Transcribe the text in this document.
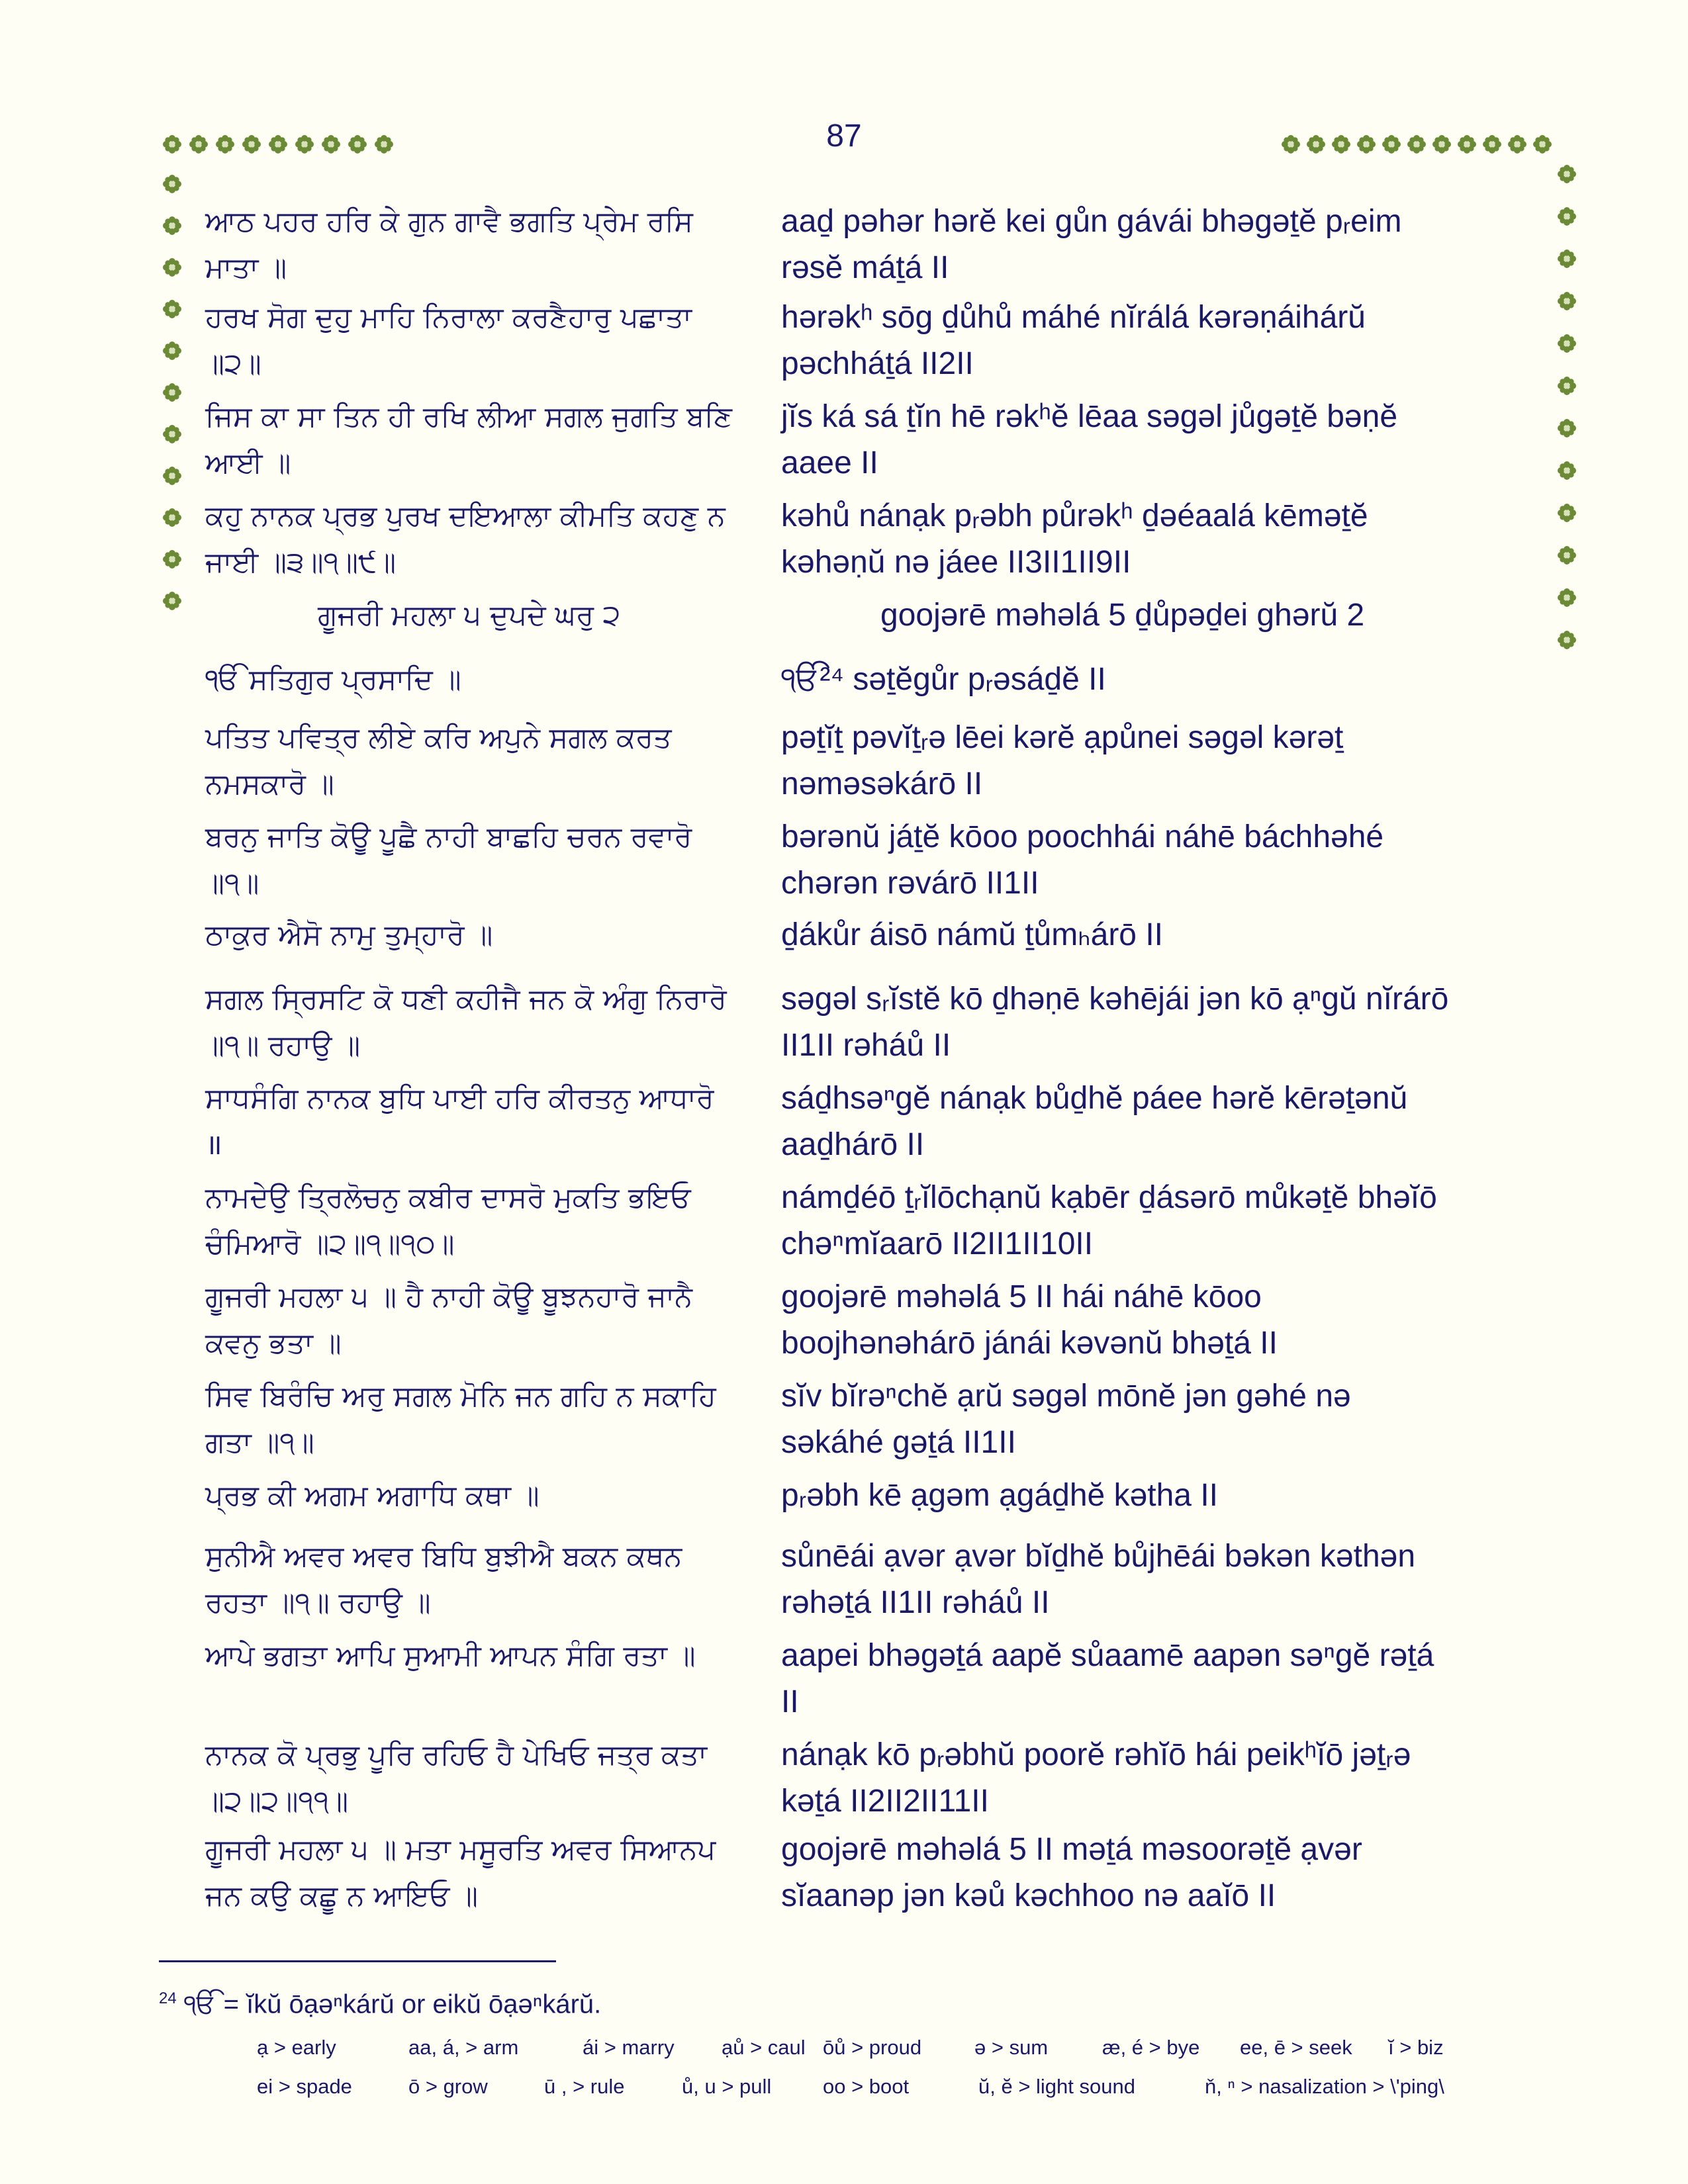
87
ਆਠ ਪਹਰ ਹਰਿ ਕੇ ਗੁਨ ਗਾਵੈ ਭਗਤਿ ਪ੍ਰੇਮ ਰਸਿ
ਮਾਤਾ ॥
aaḏ pəhər hərĕ kei gůn gávái bhəgəṯĕ pᵣeim
rəsĕ máṯá II
ਹਰਖ ਸੋਗ ਦੁਹੁ ਮਾਹਿ ਨਿਰਾਲਾ ਕਰਣੈਹਾਰੁ ਪਛਾਤਾ
॥੨॥
hərəkʰ sōg ḏůhů máhé nĭrálá kərəṇáihárŭ
pəchháṯá II2II
ਜਿਸ ਕਾ ਸਾ ਤਿਨ ਹੀ ਰਖਿ ਲੀਆ ਸਗਲ ਜੁਗਤਿ ਬਣਿ
ਆਈ ॥
jĭs ká sá ṯĭn hē rəkʰĕ lēaa səgəl jůgəṯĕ bəṇĕ
aaee II
ਕਹੁ ਨਾਨਕ ਪ੍ਰਭ ਪੁਰਖ ਦਇਆਲਾ ਕੀਮਤਿ ਕਹਣੁ ਨ
ਜਾਈ ॥੩॥੧॥੯॥
kəhů nánạk pᵣəbh půrəkʰ ḏəéaalá kēməṯĕ
kəhəṇŭ nə jáee II3II1II9II
ਗੂਜਰੀ ਮਹਲਾ ੫ ਦੁਪਦੇ ਘਰੁ ੨	goojərē məhəlá 5 ḏůpəḏei ghərŭ 2
ੴ ਸਤਿਗੁਰ ਪ੍ਰਸਾਦਿ ॥	ੴ²⁴ səṯĕgůr pᵣəsáḏĕ II
ਪਤਿਤ ਪਵਿਤ੍ਰ ਲੀਏ ਕਰਿ ਅਪੁਨੇ ਸਗਲ ਕਰਤ
ਨਮਸਕਾਰੋ ॥
pəṯĭṯ pəvĭṯᵣə lēei kərĕ ạpůnei səgəl kərəṯ
nəməsəkárō II
ਬਰਨੁ ਜਾਤਿ ਕੋਊ ਪੂਛੈ ਨਾਹੀ ਬਾਛਹਿ ਚਰਨ ਰਵਾਰੋ
॥੧॥
bərənŭ jáṯĕ kōoo poochhái náhē báchhəhé
chərən rəvárō II1II
ਠਾਕੁਰ ਐਸੋ ਨਾਮੁ ਤੁਮ੍ਹਾਰੋ ॥	ḏákůr áisō námŭ ṯůmₕárō II
ਸਗਲ ਸ੍ਰਿਸਟਿ ਕੋ ਧਣੀ ਕਹੀਜੈ ਜਨ ਕੋ ਅੰਗੁ ਨਿਰਾਰੋ
॥੧॥ ਰਹਾਉ ॥
səgəl sᵣĭstĕ kō ḏhəṇē kəhējái jən kō ạⁿgŭ nĭrárō
II1II rəháů II
ਸਾਧਸੰਗਿ ਨਾਨਕ ਬੁਧਿ ਪਾਈ ਹਰਿ ਕੀਰਤਨੁ ਆਧਾਰੋ
॥
sáḏhsəⁿgĕ nánạk bůḏhĕ páee hərĕ kērəṯənŭ
aaḏhárō II
ਨਾਮਦੇਉ ਤ੍ਰਿਲੋਚਨੁ ਕਬੀਰ ਦਾਸਰੋ ਮੁਕਤਿ ਭਇਓ
ਚੰਮਿਆਰੋ ॥੨॥੧॥੧੦॥
námḏéō ṯᵣĭlōchạnŭ kạbēr ḏásərō můkəṯĕ bhəĭō
chəⁿmĭaarō II2II1II10II
ਗੂਜਰੀ ਮਹਲਾ ੫ ॥ ਹੈ ਨਾਹੀ ਕੋਊ ਬੂਝਨਹਾਰੋ ਜਾਨੈ
ਕਵਨੁ ਭਤਾ ॥
goojərē məhəlá 5 II hái náhē kōoo
boojhənəhárō jánái kəvənŭ bhəṯá II
ਸਿਵ ਬਿਰੰਚਿ ਅਰੁ ਸਗਲ ਮੋਨਿ ਜਨ ਗਹਿ ਨ ਸਕਾਹਿ
ਗਤਾ ॥੧॥
sĭv bĭrəⁿchĕ ạrŭ səgəl mōnĕ jən gəhé nə
səkáhé gəṯá II1II
ਪ੍ਰਭ ਕੀ ਅਗਮ ਅਗਾਧਿ ਕਥਾ ॥	pᵣəbh kē ạgəm ạgáḏhĕ kətha II
ਸੁਨੀਐ ਅਵਰ ਅਵਰ ਬਿਧਿ ਬੁਝੀਐ ਬਕਨ ਕਥਨ
ਰਹਤਾ ॥੧॥ ਰਹਾਉ ॥
sůnēái ạvər ạvər bĭḏhĕ bůjhēái bəkən kəthən
rəhəṯá II1II rəháů II
ਆਪੇ ਭਗਤਾ ਆਪਿ ਸੁਆਮੀ ਆਪਨ ਸੰਗਿ ਰਤਾ ॥	aapei bhəgəṯá aapĕ sůaamē aapən səⁿgĕ rəṯá
II
ਨਾਨਕ ਕੋ ਪ੍ਰਭੁ ਪੂਰਿ ਰਹਿਓ ਹੈ ਪੇਖਿਓ ਜਤ੍ਰ ਕਤਾ
॥੨॥੨॥੧੧॥
nánạk kō pᵣəbhŭ poorĕ rəhĭō hái peikʰĭō jəṯᵣə
kəṯá II2II2II11II
ਗੂਜਰੀ ਮਹਲਾ ੫ ॥ ਮਤਾ ਮਸੂਰਤਿ ਅਵਰ ਸਿਆਨਪ
ਜਨ ਕਉ ਕਛੂ ਨ ਆਇਓ ॥
goojərē məhəlá 5 II məṯá məsoorəṯĕ ạvər
sĭaanəp jən kəů kəchhoo nə aaĭō II
$^{24}$ ੴ = ĭkŭ ōạəⁿkárŭ or eikŭ ōạəⁿkárŭ.
ạ > early	aa, á, > arm	ái > marry ạů > caul ōů > proud	ə > sum	æ, é > bye ee, ē > seek ĭ > biz
ei > spade	ō > grow	ū , > rule	ů, u > pull	oo > boot	ŭ, ĕ > light sound	ň, ⁿ > nasalization > \'ping\
